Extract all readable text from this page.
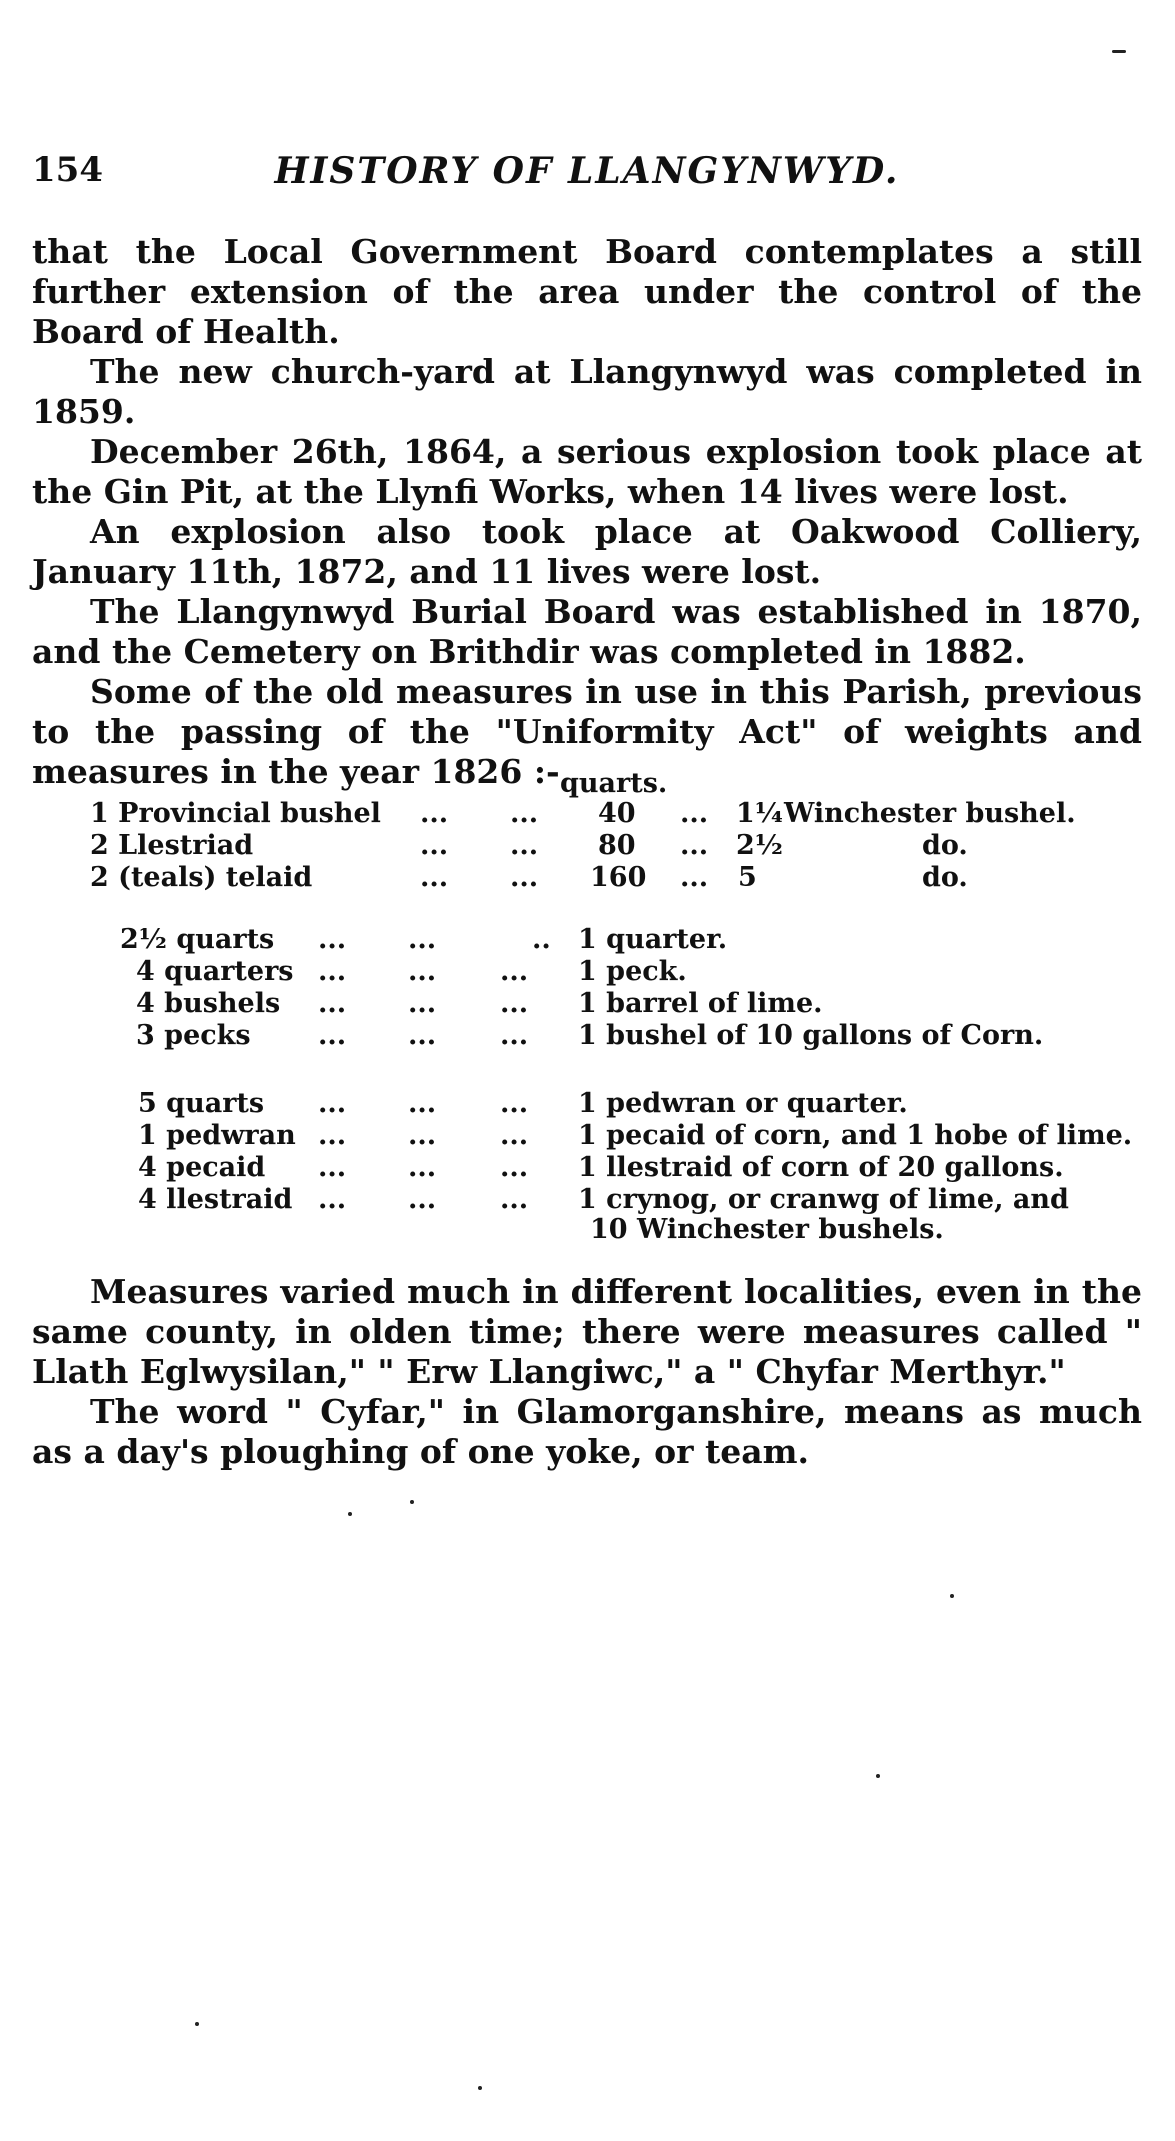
154	HISTORY OF LLANGYNWYD.

that the Local Government Board contemplates a still further extension of the area under the control of the Board of Health.

The new church-yard at Llangynwyd was completed in 1859.

December 26th, 1864, a serious explosion took place at the Gin Pit, at the Llynfi Works, when 14 lives were lost.

An explosion also took place at Oakwood Colliery, January 11th, 1872, and 11 lives were lost.

The Llangynwyd Burial Board was established in 1870, and the Cemetery on Brithdir was completed in 1882.

Some of the old measures in use in this Parish, previous to the passing of the "Uniformity Act" of weights and measures in the year 1826 :- quarts.
1 Provincial bushel ... ... 40 ... 1¼ Winchester bushel.
2 Llestriad	... ... 80 ... 2½	do.
2 (teals) telaid	... ... 160 ... 5	do.
2½ quarts ... ...	.. 1 quarter.
4 quarters ... ... ... 1 peck.
4 bushels ... ... ... 1 barrel of lime.
3 pecks ... ... ... 1 bushel of 10 gallons of Corn.
5 quarts ... ... ... 1 pedwran or quarter.
1 pedwran ... ... ... 1 pecaid of corn, and 1 hobe of lime.
4 pecaid ... ... ... 1 llestraid of corn of 20 gallons.
4 llestraid ... ... ... 1 crynog, or cranwg of lime, and
10 Winchester bushels.

Measures varied much in different localities, even in the same county, in olden time; there were measures called " Llath Eglwysilan," " Erw Llangiwc," a " Chyfar Merthyr."

The word " Cyfar," in Glamorganshire, means as much as a day's ploughing of one yoke, or team.
